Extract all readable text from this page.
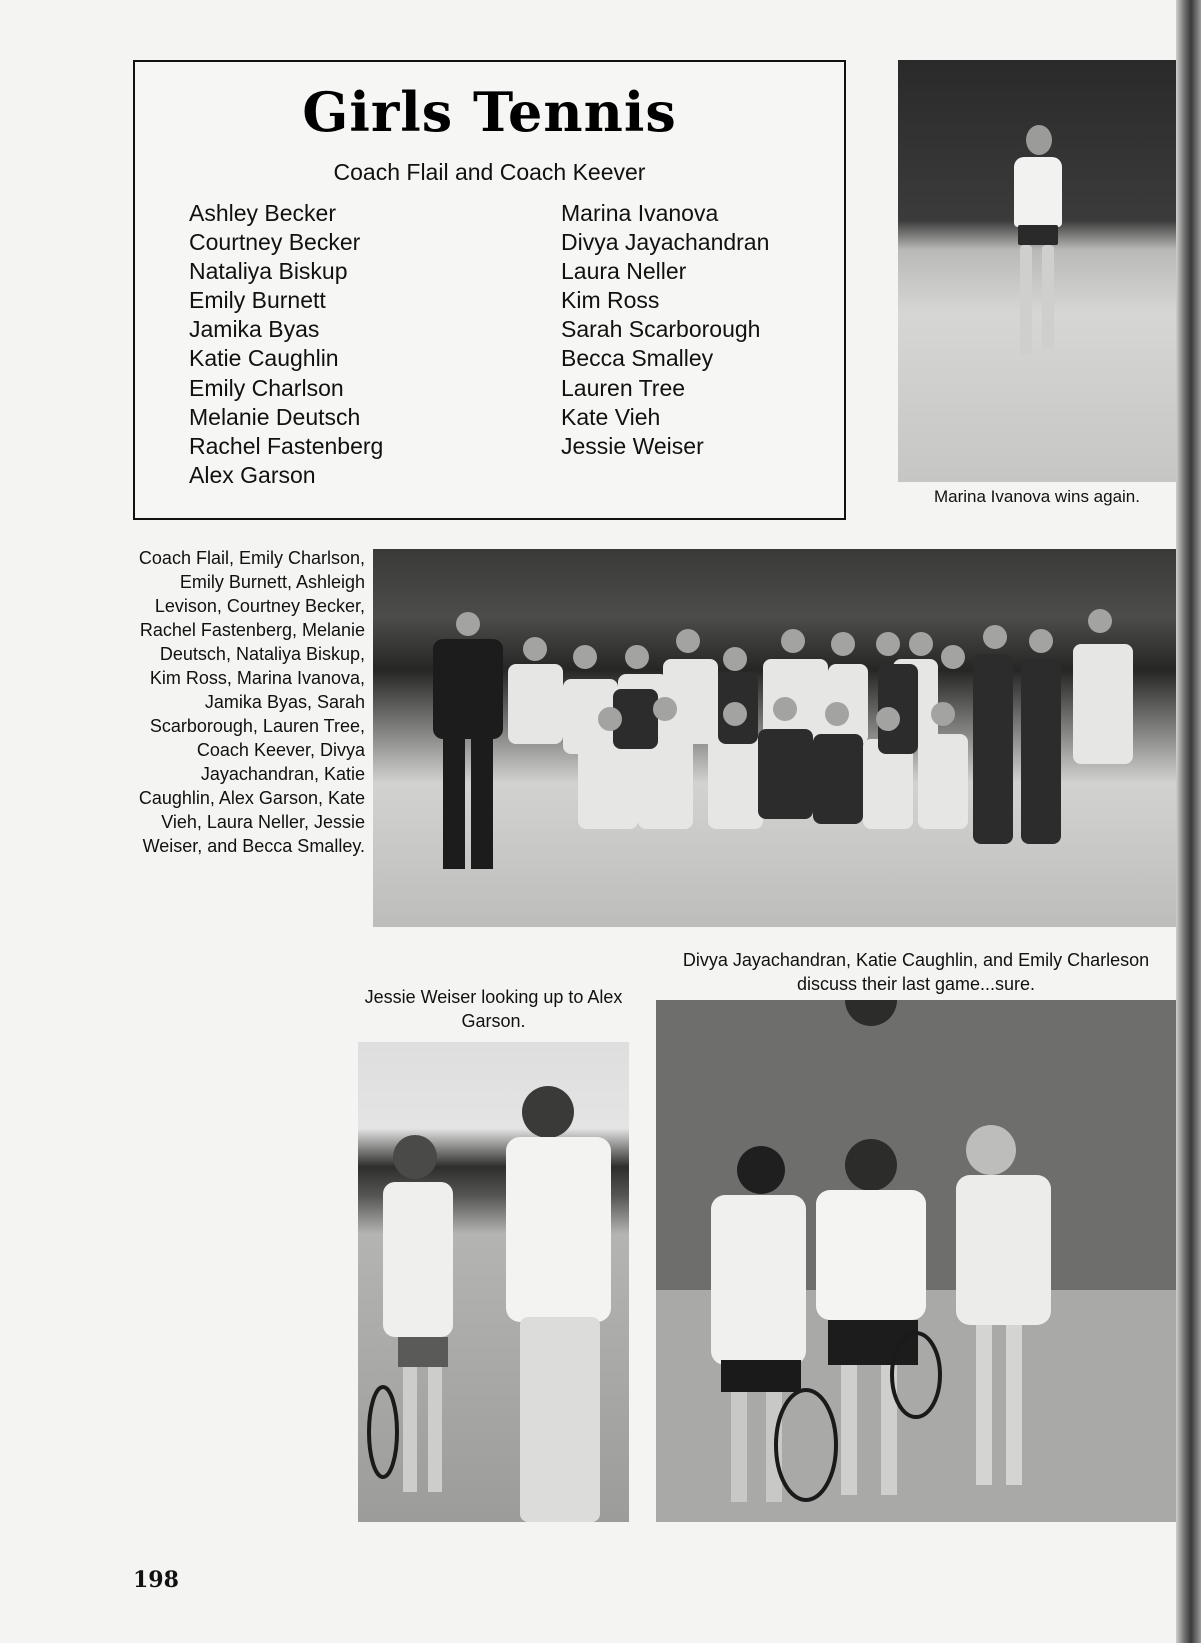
Girls Tennis
Coach Flail and Coach Keever
Ashley Becker
Courtney Becker
Nataliya Biskup
Emily Burnett
Jamika Byas
Katie Caughlin
Emily Charlson
Melanie Deutsch
Rachel Fastenberg
Alex Garson
Marina Ivanova
Divya Jayachandran
Laura Neller
Kim Ross
Sarah Scarborough
Becca Smalley
Lauren Tree
Kate Vieh
Jessie Weiser
Marina Ivanova wins again.
Coach Flail, Emily Charlson, Emily Burnett, Ashleigh Levison, Courtney Becker, Rachel Fastenberg, Melanie Deutsch, Nataliya Biskup, Kim Ross, Marina Ivanova, Jamika Byas, Sarah Scarborough, Lauren Tree, Coach Keever, Divya Jayachandran, Katie Caughlin, Alex Garson, Kate Vieh, Laura Neller, Jessie Weiser, and Becca Smalley.
Jessie Weiser looking up to Alex Garson.
Divya Jayachandran, Katie Caughlin, and Emily Charleson discuss their last game...sure.
198
